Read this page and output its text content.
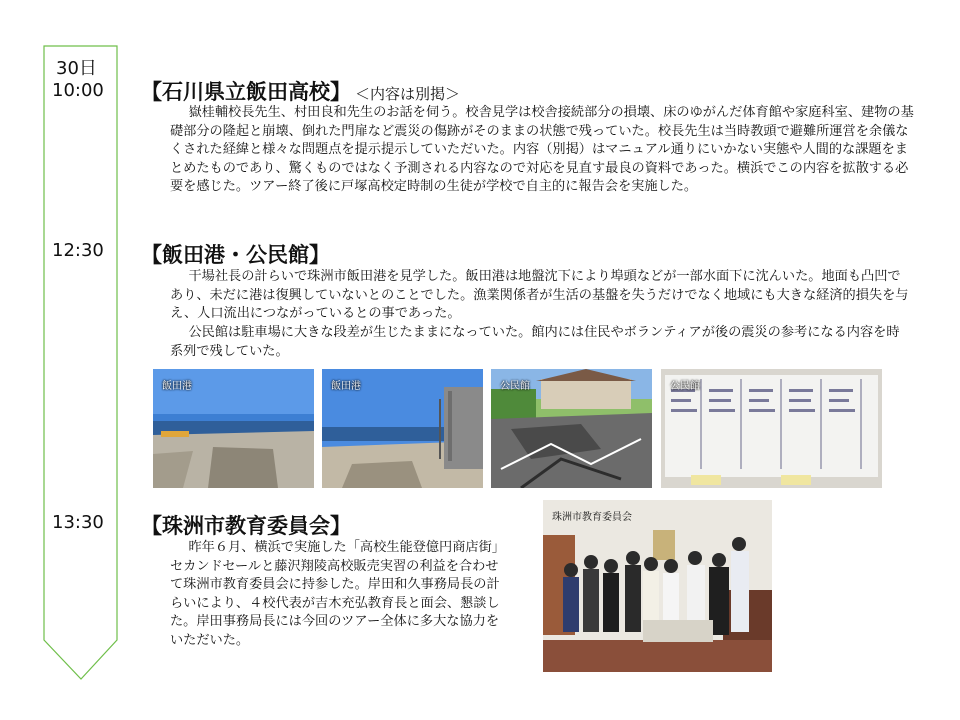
30日
10:00 【石川県立飯田高校】 ＜内容は別掲＞

嶽桂輔校長先生、村田良和先生のお話を伺う。校舎見学は校舎接続部分の損壊、床のゆがんだ体育館や家庭科室、建物の基礎部分の隆起と崩壊、倒れた門扉など震災の傷跡がそのままの状態で残っていた。校長先生は当時教頭で避難所運営を余儀なくされた経緯と様々な問題点を提示提示していただいた。内容（別掲）はマニュアル通りにいかない実態や人間的な課題をまとめたものであり、驚くものではなく予測される内容なので対応を見直す最良の資料であった。横浜でこの内容を拡散する必要を感じた。ツアー終了後に戸塚高校定時制の生徒が学校で自主的に報告会を実施した。

12:30 【飯田港・公民館】

干場社長の計らいで珠洲市飯田港を見学した。飯田港は地盤沈下により埠頭などが一部水面下に沈んいた。地面も凸凹であり、未だに港は復興していないとのことでした。漁業関係者が生活の基盤を失うだけでなく地域にも大きな経済的損失を与え、人口流出につながっているとの事であった。

公民館は駐車場に大きな段差が生じたままになっていた。館内には住民やボランティアが後の震災の参考になる内容を時系列で残していた。

飯田港	飯田港	公民館	公民館
13:30 【珠洲市教育委員会】

昨年６月、横浜で実施した「高校生能登億円商店街」セカンドセールと藤沢翔陵高校販売実習の利益を合わせて珠洲市教育委員会に持参した。岸田和久事務局長の計らいにより、４校代表が吉木充弘教育長と面会、懇談した。岸田事務局長には今回のツアー全体に多大な協力をいただいた。

珠洲市教育委員会
